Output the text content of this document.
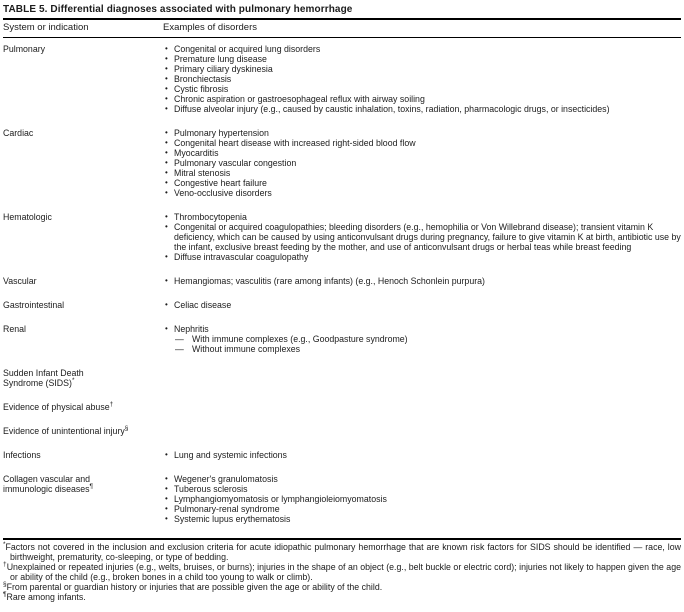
TABLE 5. Differential diagnoses associated with pulmonary hemorrhage
System or indication	Examples of disorders
Pulmonary	• Congenital or acquired lung disorders
• Premature lung disease
• Primary ciliary dyskinesia
• Bronchiectasis
• Cystic fibrosis
• Chronic aspiration or gastroesophageal reflux with airway soiling
• Diffuse alveolar injury (e.g., caused by caustic inhalation, toxins, radiation, pharmacologic drugs, or insecticides)
Cardiac	• Pulmonary hypertension
• Congenital heart disease with increased right-sided blood flow
• Myocarditis
• Pulmonary vascular congestion
• Mitral stenosis
• Congestive heart failure
• Veno-occlusive disorders
Hematologic	• Thrombocytopenia
• Congenital or acquired coagulopathies; bleeding disorders (e.g., hemophilia or Von Willebrand disease); transient vitamin K deficiency, which can be caused by using anticonvulsant drugs during pregnancy, failure to give vitamin K at birth, antibiotic use by the infant, exclusive breast feeding by the mother, and use of anticonvulsant drugs or herbal teas while breast feeding
• Diffuse intravascular coagulopathy
Vascular	• Hemangiomas; vasculitis (rare among infants) (e.g., Henoch Schonlein purpura)
Gastrointestinal	• Celiac disease
Renal	• Nephritis
— With immune complexes (e.g., Goodpasture syndrome)
— Without immune complexes
Sudden Infant Death
Syndrome (SIDS)*
Evidence of physical abuse†
Evidence of unintentional injury§
Infections	• Lung and systemic infections
Collagen vascular and
immunologic diseases¶
• Wegener's granulomatosis
• Tuberous sclerosis
• Lymphangiomyomatosis or lymphangioleiomyomatosis
• Pulmonary-renal syndrome
• Systemic lupus erythematosis
*Factors not covered in the inclusion and exclusion criteria for acute idiopathic pulmonary hemorrhage that are known risk factors for SIDS should be identified — race, low birthweight, prematurity, co-sleeping, or type of bedding.
†Unexplained or repeated injuries (e.g., welts, bruises, or burns); injuries in the shape of an object (e.g., belt buckle or electric cord); injuries not likely to happen given the age or ability of the child (e.g., broken bones in a child too young to walk or climb).
§From parental or guardian history or injuries that are possible given the age or ability of the child.
¶Rare among infants.
